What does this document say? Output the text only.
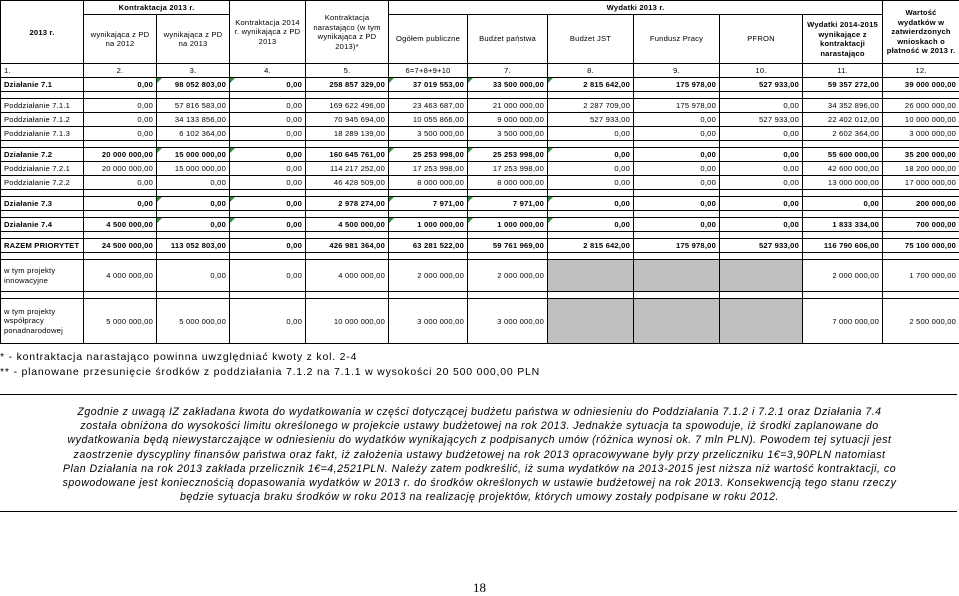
2013 r.	Kontraktacja 2013 r.		Kontraktacja 2014 r. wynikająca z PD 2013	Kontraktacja narastająco (w tym wynikająca z PD 2013)*	Wydatki 2013 r.						Wartość wydatków w zatwierdzonych wnioskach o płatność w 2013 r.
	wynikająca z PD na 2012	wynikająca z PD na 2013			Ogółem publiczne	Budżet państwa	Budżet JST	Fundusz Pracy	PFRON	Wydatki 2014-2015 wynikające z kontraktacji narastająco	
1.	2.	3.	4.	5.	6=7+8+9+10	7.	8.	9.	10.	11.	12.
Działanie 7.1	0,00	98 052 803,00	0,00	258 857 329,00	37 019 553,00	33 500 000,00	2 815 642,00	175 978,00	527 933,00	59 357 272,00	39 000 000,00

Poddziałanie 7.1.1	0,00	57 816 583,00	0,00	169 622 496,00	23 463 687,00	21 000 000,00	2 287 709,00	175 978,00	0,00	34 352 896,00	26 000 000,00
Poddziałanie 7.1.2	0,00	34 133 856,00	0,00	70 945 694,00	10 055 866,00	9 000 000,00	527 933,00	0,00	527 933,00	22 402 012,00	10 000 000,00
Poddziałanie 7.1.3	0,00	6 102 364,00	0,00	18 289 139,00	3 500 000,00	3 500 000,00	0,00	0,00	0,00	2 602 364,00	3 000 000,00

Działanie 7.2	20 000 000,00	15 000 000,00	0,00	160 645 761,00	25 253 998,00	25 253 998,00	0,00	0,00	0,00	55 600 000,00	35 200 000,00
Poddziałanie 7.2.1	20 000 000,00	15 000 000,00	0,00	114 217 252,00	17 253 998,00	17 253 998,00	0,00	0,00	0,00	42 600 000,00	18 200 000,00
Poddziałanie 7.2.2	0,00	0,00	0,00	46 428 509,00	8 000 000,00	8 000 000,00	0,00	0,00	0,00	13 000 000,00	17 000 000,00

Działanie 7.3	0,00	0,00	0,00	2 978 274,00	7 971,00	7 971,00	0,00	0,00	0,00	0,00	200 000,00

Działanie 7.4	4 500 000,00	0,00	0,00	4 500 000,00	1 000 000,00	1 000 000,00	0,00	0,00	0,00	1 833 334,00	700 000,00

RAZEM PRIORYTET	24 500 000,00	113 052 803,00	0,00	426 981 364,00	63 281 522,00	59 761 969,00	2 815 642,00	175 978,00	527 933,00	116 790 606,00	75 100 000,00

w tym projekty innowacyjne	4 000 000,00	0,00	0,00	4 000 000,00	2 000 000,00	2 000 000,00				2 000 000,00	1 700 000,00

w tym projekty współpracy ponadnarodowej	5 000 000,00	5 000 000,00	0,00	10 000 000,00	3 000 000,00	3 000 000,00				7 000 000,00	2 500 000,00
* - kontraktacja narastająco powinna uwzględniać kwoty z kol. 2-4
** - planowane przesunięcie środków z poddziałania 7.1.2 na 7.1.1 w wysokości 20 500 000,00 PLN
Zgodnie z uwagą IZ zakładana kwota do wydatkowania w części dotyczącej budżetu państwa w odniesieniu do Poddziałania 7.1.2 i 7.2.1 oraz Działania 7.4
została obniżona do wysokości limitu określonego w projekcie ustawy budżetowej na rok 2013. Jednakże sytuacja ta spowoduje, iż środki zaplanowane do
wydatkowania będą niewystarczające w odniesieniu do wydatków wynikających z podpisanych umów (różnica wynosi ok. 7 mln PLN). Powodem tej sytuacji jest
zaostrzenie dyscypliny finansów państwa oraz fakt, iż założenia ustawy budżetowej na rok 2013 opracowywane były przy przeliczniku 1€=3,90PLN natomiast
Plan Działania na rok 2013 zakłada przelicznik 1€=4,2521PLN. Należy zatem podkreślić, iż suma wydatków na 2013-2015 jest niższa niż wartość kontraktacji, co
spowodowane jest koniecznością dopasowania wydatków w 2013 r. do środków określonych w ustawie budżetowej na rok 2013. Konsekwencją tego stanu rzeczy
będzie sytuacja braku środków w roku 2013 na realizację projektów, których umowy zostały podpisane w roku 2012.
18
